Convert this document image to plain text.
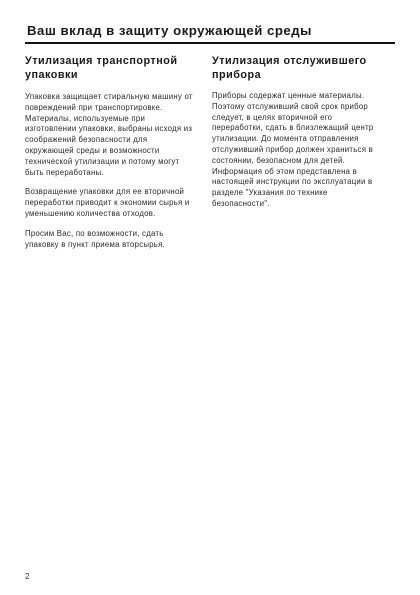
Ваш вклад в защиту окружающей среды
Утилизация транспортной упаковки

Упаковка защищает стиральную машину от повреждений при транспортировке. Материалы, используемые при изготовлении упаковки, выбраны исходя из соображений безопасности для окружающей среды и возможности технической утилизации и потому могут быть переработаны.

Возвращение упаковки для ее вторичной переработки приводит к экономии сырья и уменьшению количества отходов.

Просим Вас, по возможности, сдать упаковку в пункт приема вторсырья.

Утилизация отслужившего прибора

Приборы содержат ценные материалы. Поэтому отслуживший свой срок прибор следует, в целях вторичной его переработки, сдать в близлежащий центр утилизации. До момента отправления отслуживший прибор должен храниться в состоянии, безопасном для детей. Информация об этом представлена в настоящей инструкции по эксплуатации в разделе "Указания по технике безопасности".

2
